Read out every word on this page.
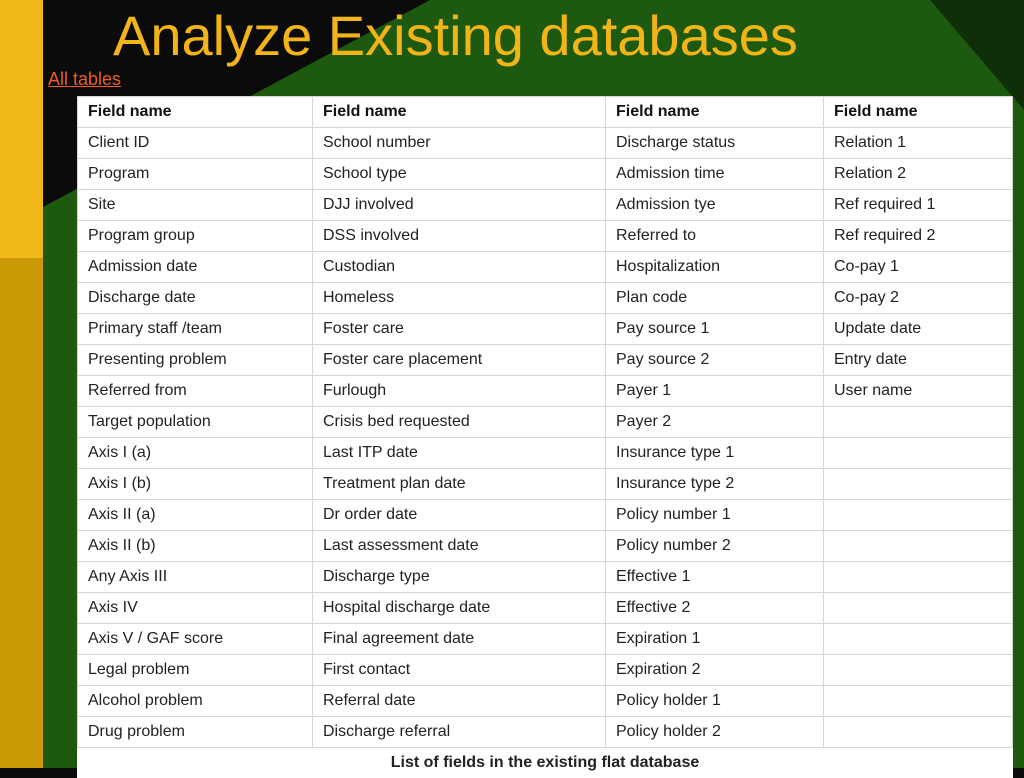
Analyze Existing databases
All tables
Field name	Field name	Field name	Field name
Client ID	School number	Discharge status	Relation 1
Program	School type	Admission time	Relation 2
Site	DJJ involved	Admission tye	Ref required 1
Program group	DSS involved	Referred to	Ref required 2
Admission date	Custodian	Hospitalization	Co-pay 1
Discharge date	Homeless	Plan code	Co-pay 2
Primary staff /team	Foster care	Pay source 1	Update date
Presenting problem	Foster care placement	Pay source 2	Entry date
Referred from	Furlough	Payer 1	User name
Target population	Crisis bed requested	Payer 2	
Axis I (a)	Last ITP date	Insurance type 1	
Axis I (b)	Treatment plan date	Insurance type 2	
Axis II (a)	Dr order date	Policy number 1	
Axis II (b)	Last assessment date	Policy number 2	
Any Axis III	Discharge type	Effective 1	
Axis IV	Hospital discharge date	Effective 2	
Axis V / GAF score	Final agreement date	Expiration 1	
Legal problem	First contact	Expiration 2	
Alcohol problem	Referral date	Policy holder 1	
Drug problem	Discharge referral	Policy holder 2	
List of fields in the existing flat database			
